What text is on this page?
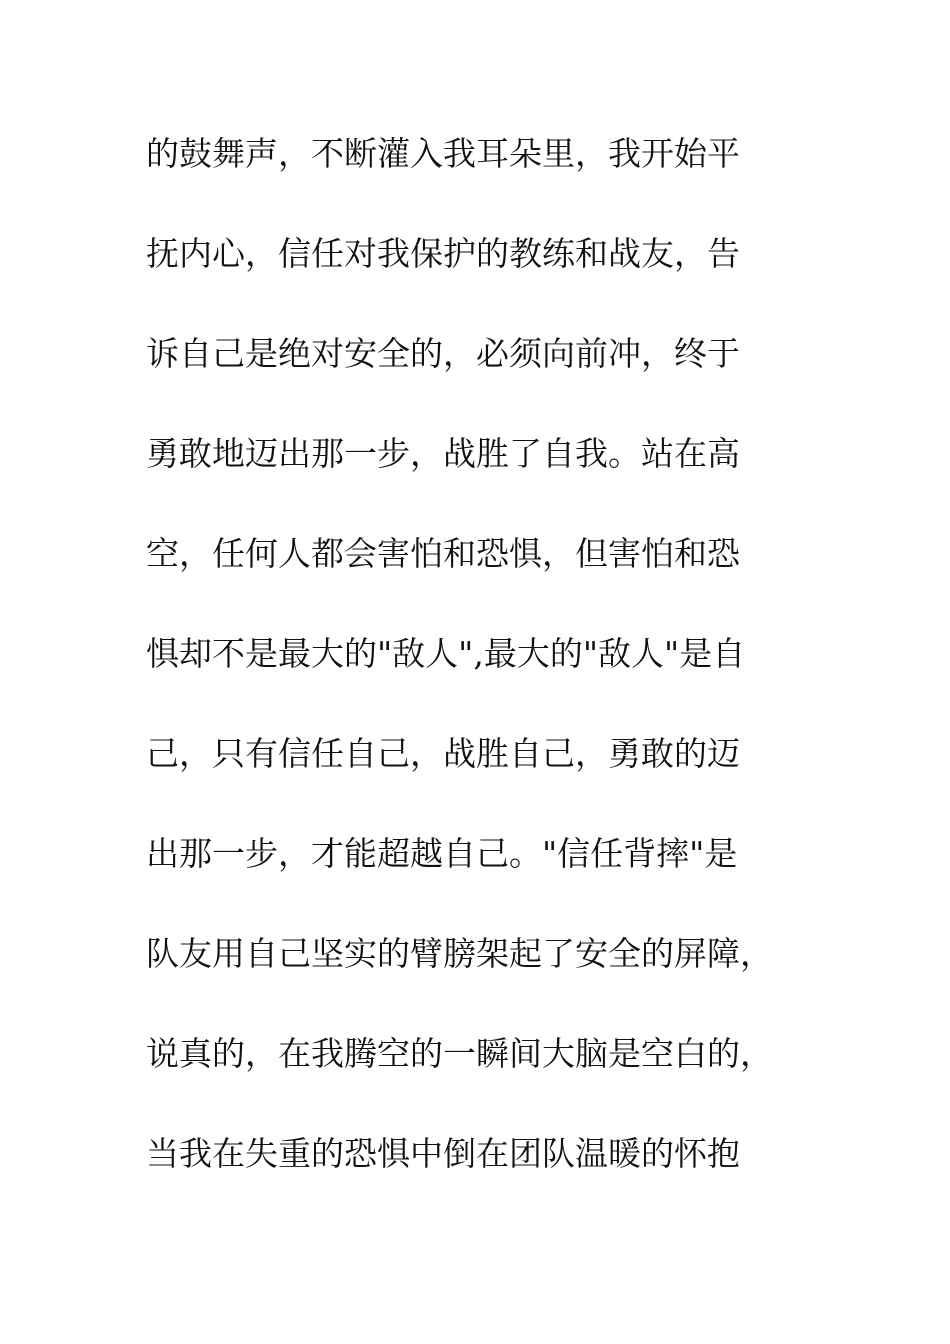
的鼓舞声，不断灌入我耳朵里，我开始平
抚内心，信任对我保护的教练和战友，告
诉自己是绝对安全的，必须向前冲，终于
勇敢地迈出那一步，战胜了自我。站在高
空，任何人都会害怕和恐惧，但害怕和恐
惧却不是最大的"敌人",最大的"敌人"是自
己，只有信任自己，战胜自己，勇敢的迈
出那一步，才能超越自己。"信任背摔"是
队友用自己坚实的臂膀架起了安全的屏障，
说真的，在我腾空的一瞬间大脑是空白的，
当我在失重的恐惧中倒在团队温暖的怀抱
